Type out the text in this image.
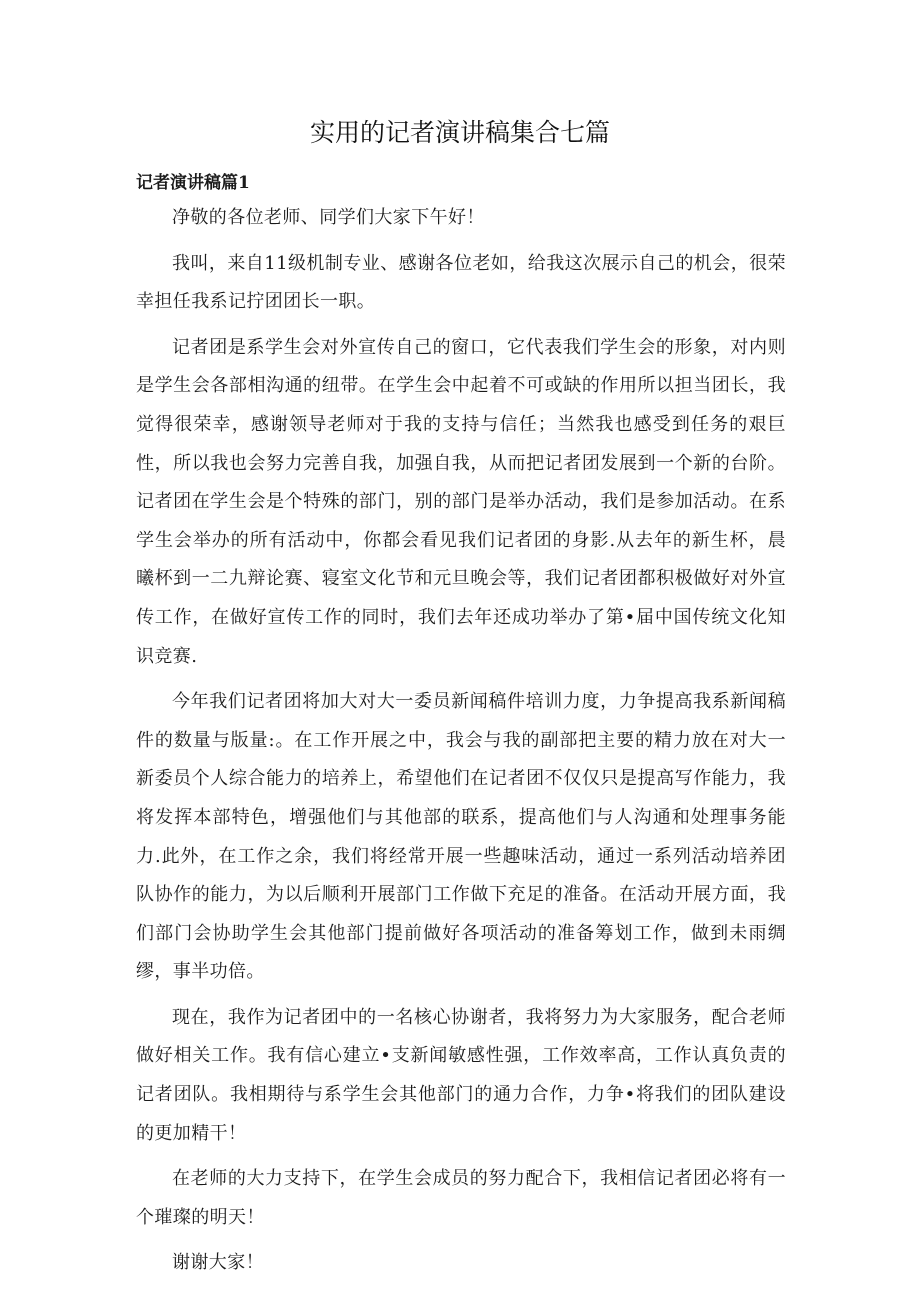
实用的记者演讲稿集合七篇
记者演讲稿篇1

净敬的各位老师、同学们大家下午好！

我叫，来自11级机制专业、感谢各位老如，给我这次展示自己的机会，很荣幸担任我系记拧团团长一职。

记者团是系学生会对外宣传自己的窗口，它代表我们学生会的形象，对内则是学生会各部相沟通的纽带。在学生会中起着不可或缺的作用所以担当团长，我觉得很荣幸，感谢领导老师对于我的支持与信任；当然我也感受到任务的艰巨性，所以我也会努力完善自我，加强自我，从而把记者团发展到一个新的台阶。记者团在学生会是个特殊的部门，别的部门是举办活动，我们是参加活动。在系学生会举办的所有活动中，你都会看见我们记者团的身影.从去年的新生杯，晨曦杯到一二九辩论赛、寝室文化节和元旦晚会等，我们记者团都积极做好对外宣传工作，在做好宣传工作的同时，我们去年还成功举办了第•届中国传统文化知识竞赛.

今年我们记者团将加大对大一委员新闻稿件培训力度，力争提高我系新闻稿件的数量与版量:。在工作开展之中，我会与我的副部把主要的精力放在对大一新委员个人综合能力的培养上，希望他们在记者团不仅仅只是提高写作能力，我将发挥本部特色，增强他们与其他部的联系，提高他们与人沟通和处理事务能力.此外，在工作之余，我们将经常开展一些趣味活动，通过一系列活动培养团队协作的能力，为以后顺利开展部门工作做下充足的准备。在活动开展方面，我们部门会协助学生会其他部门提前做好各项活动的准备筹划工作，做到未雨绸缪，事半功倍。

现在，我作为记者团中的一名核心协谢者，我将努力为大家服务，配合老师做好相关工作。我有信心建立•支新闻敏感性强，工作效率高，工作认真负责的记者团队。我相期待与系学生会其他部门的通力合作，力争•将我们的团队建设的更加精干！

在老师的大力支持下，在学生会成员的努力配合下，我相信记者团必将有一个璀璨的明天！

谢谢大家！
